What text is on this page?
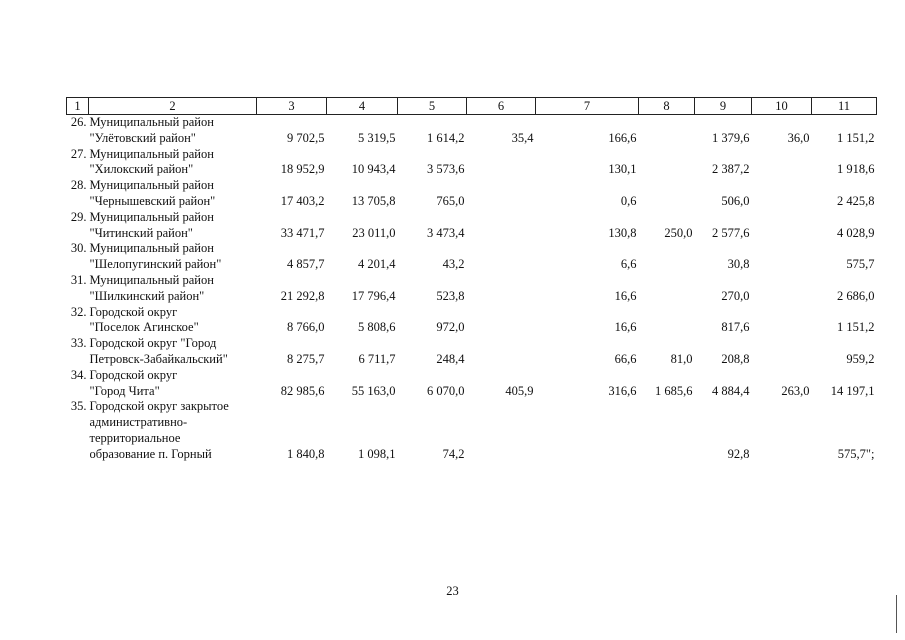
1	2	3	4	5	6	7	8	9	10	11
26.	Муниципальный район									
	"Улётовский район"	9 702,5	5 319,5	1 614,2	35,4	166,6		1 379,6	36,0	1 151,2
27.	Муниципальный район									
	"Хилокский район"	18 952,9	10 943,4	3 573,6		130,1		2 387,2		1 918,6
28.	Муниципальный район									
	"Чернышевский район"	17 403,2	13 705,8	765,0		0,6		506,0		2 425,8
29.	Муниципальный район									
	"Читинский район"	33 471,7	23 011,0	3 473,4		130,8	250,0	2 577,6		4 028,9
30.	Муниципальный район									
	"Шелопугинский район"	4 857,7	4 201,4	43,2		6,6		30,8		575,7
31.	Муниципальный район									
	"Шилкинский район"	21 292,8	17 796,4	523,8		16,6		270,0		2 686,0
32.	Городской округ									
	"Поселок Агинское"	8 766,0	5 808,6	972,0		16,6		817,6		1 151,2
33.	Городской округ "Город									
	Петровск-Забайкальский"	8 275,7	6 711,7	248,4		66,6	81,0	208,8		959,2
34.	Городской округ									
	"Город Чита"	82 985,6	55 163,0	6 070,0	405,9	316,6	1 685,6	4 884,4	263,0	14 197,1
35.	Городской округ закрытое									
	административно-									
	территориальное									
	образование п. Горный	1 840,8	1 098,1	74,2				92,8		575,7";
23
